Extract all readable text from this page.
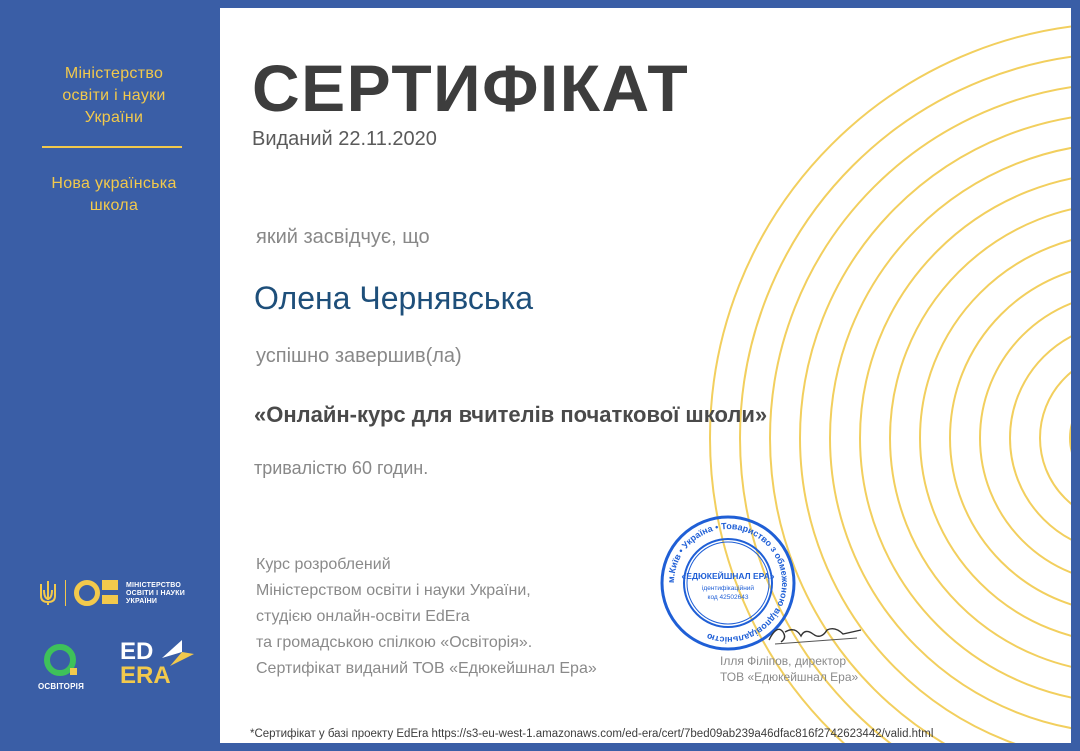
Міністерство
освіти і науки
України
Нова українська
школа
МІНІСТЕРСТВО
ОСВІТИ І НАУКИ
УКРАЇНИ
ОСВІТОРІЯ
ED
ERA
СЕРТИФІКАТ
Виданий 22.11.2020
який засвідчує, що
Олена Чернявська
успішно завершив(ла)
«Онлайн-курс для вчителів початкової школи»
тривалістю 60 годин.
Курс розроблений
Міністерством освіти і науки України,
студією онлайн-освіти EdEra
та громадською спілкою «Освіторія».
Сертифікат виданий ТОВ «Едюкейшнал Ера»
м.Київ • Україна • Товариство з обмеженою відповідальністю
«ЕДЮКЕЙШНАЛ ЕРА»
ідентифікаційний
код 42502643
Ілля Філіпов, директор
ТОВ «Едюкейшнал Ера»
*Сертифікат у базі проекту EdEra https://s3-eu-west-1.amazonaws.com/ed-era/cert/7bed09ab239a46dfac816f2742623442/valid.html
